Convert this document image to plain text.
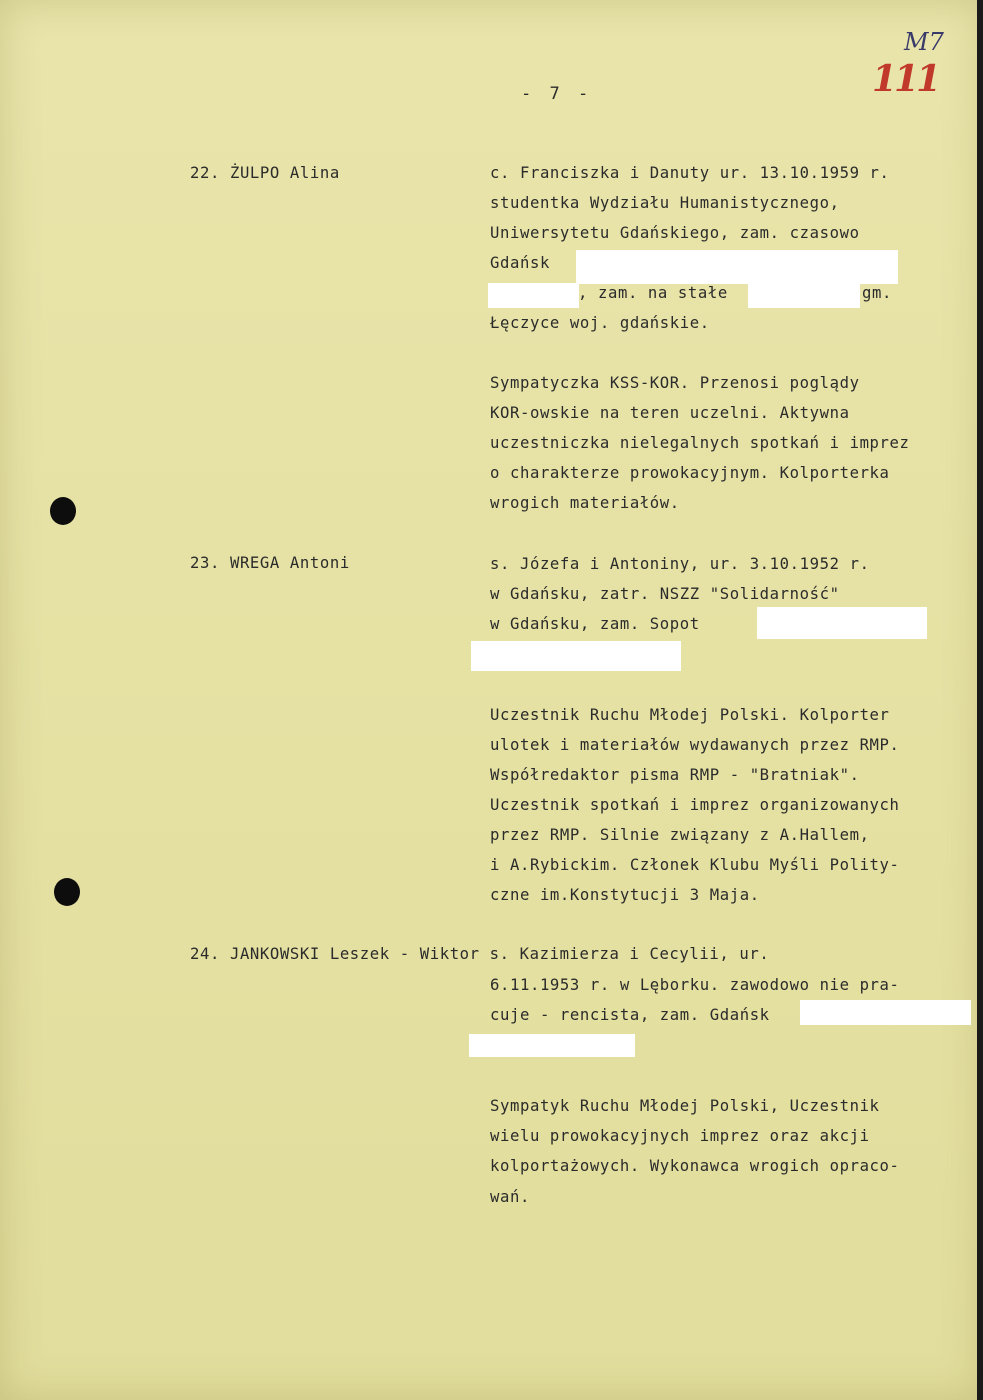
M7
111
- 7 -
22. ŻULPO Alina	c. Franciszka i Danuty ur. 13.10.1959 r.
studentka Wydziału Humanistycznego,
Uniwersytetu Gdańskiego, zam. czasowo
Gdańsk
, zam. na stałe	gm.
Łęczyce woj. gdańskie.
Sympatyczka KSS-KOR. Przenosi poglądy
KOR-owskie na teren uczelni. Aktywna
uczestniczka nielegalnych spotkań i imprez
o charakterze prowokacyjnym. Kolporterka
wrogich materiałów.
23. WREGA Antoni	s. Józefa i Antoniny, ur. 3.10.1952 r.
w Gdańsku, zatr. NSZZ "Solidarność"
w Gdańsku, zam. Sopot
Uczestnik Ruchu Młodej Polski. Kolporter
ulotek i materiałów wydawanych przez RMP.
Współredaktor pisma RMP - "Bratniak".
Uczestnik spotkań i imprez organizowanych
przez RMP. Silnie związany z A.Hallem,
i A.Rybickim. Członek Klubu Myśli Polity-
czne im.Konstytucji 3 Maja.
24. JANKOWSKI Leszek - Wiktor s. Kazimierza i Cecylii, ur.
6.11.1953 r. w Lęborku. zawodowo nie pra-
cuje - rencista, zam. Gdańsk
Sympatyk Ruchu Młodej Polski, Uczestnik
wielu prowokacyjnych imprez oraz akcji
kolportażowych. Wykonawca wrogich opraco-
wań.
